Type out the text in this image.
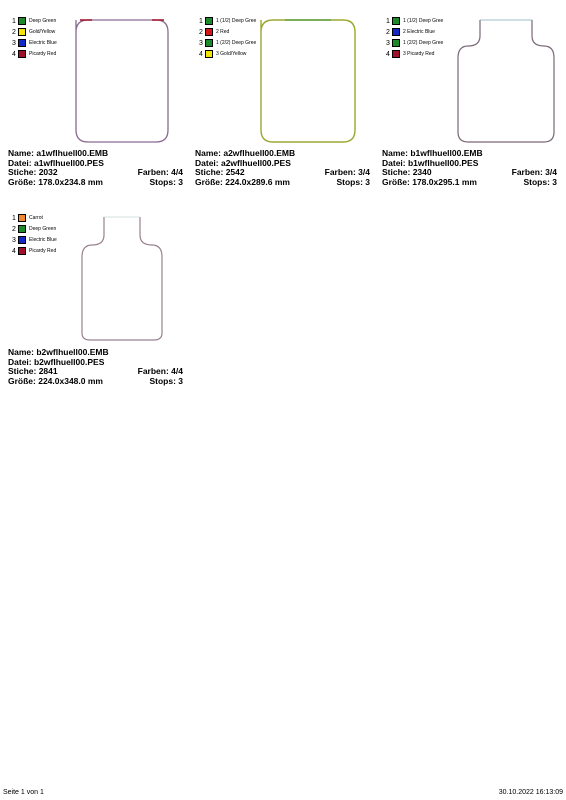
1	Deep Green
2	Gold/Yellow
3	Electric Blue
4	Picardy Red
Name: a1wflhuell00.EMB
Datei: a1wflhuell00.PES
Stiche: 2032	Farben: 4/4
Größe: 178.0x234.8 mm	Stops: 3
1	1 (1/2) Deep Gree
2	2 Red
3	1 (2/2) Deep Gree
4	3 Gold/Yellow
Name: a2wflhuell00.EMB
Datei: a2wflhuell00.PES
Stiche: 2542	Farben: 3/4
Größe: 224.0x289.6 mm	Stops: 3
1	1 (1/2) Deep Gree
2	2 Electric Blue
3	1 (2/2) Deep Gree
4	3 Picardy Red
Name: b1wflhuell00.EMB
Datei: b1wflhuell00.PES
Stiche: 2340	Farben: 3/4
Größe: 178.0x295.1 mm	Stops: 3
1	Carrot
2	Deep Green
3	Electric Blue
4	Picardy Red
Name: b2wflhuell00.EMB
Datei: b2wflhuell00.PES
Stiche: 2841	Farben: 4/4
Größe: 224.0x348.0 mm	Stops: 3
Seite 1 von 1	30.10.2022 16:13:09
